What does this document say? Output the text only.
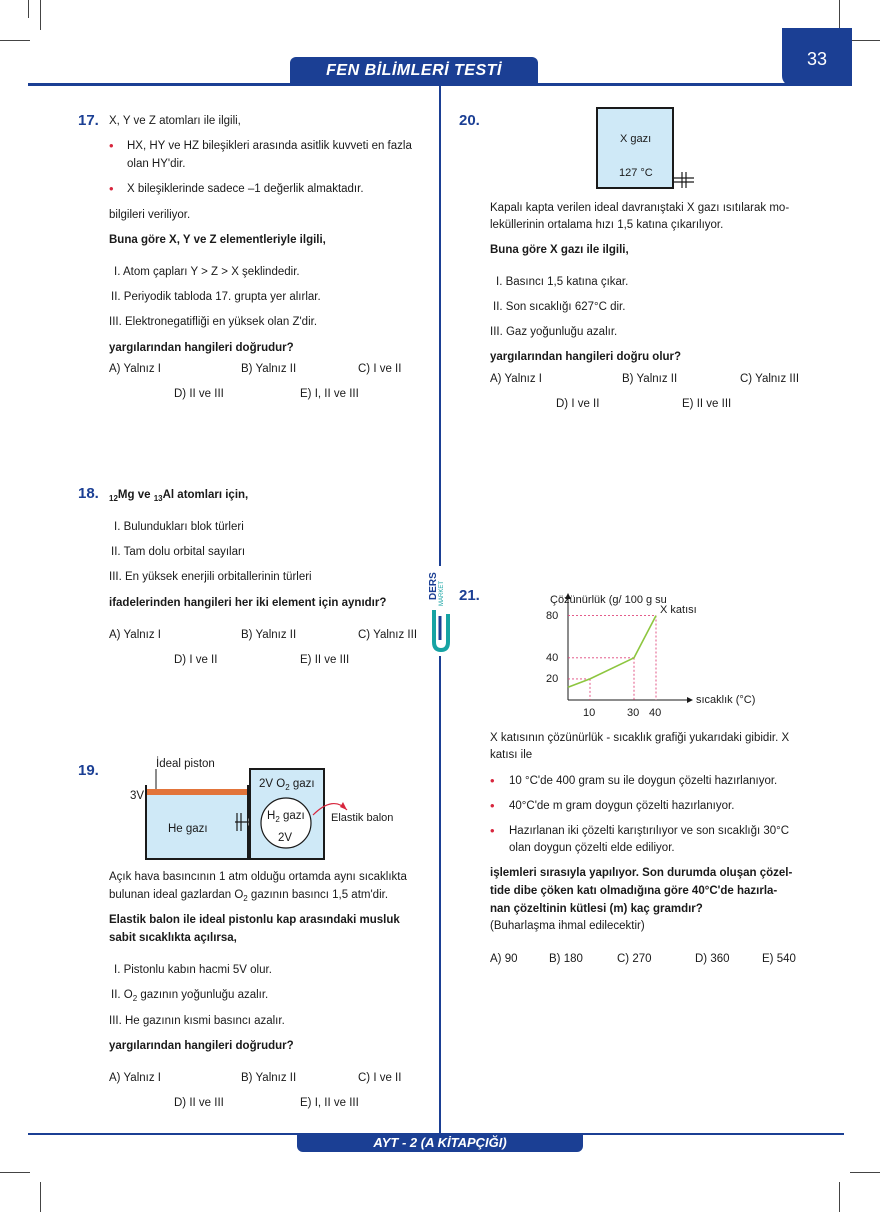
FEN BİLİMLERİ TESTİ
33
17. X, Y ve Z atomları ile ilgili,
• HX, HY ve HZ bileşikleri arasında asitlik kuvveti en fazla
olan HY'dir.
• X bileşiklerinde sadece –1 değerlik almaktadır.
bilgileri veriliyor.
Buna göre X, Y ve Z elementleriyle ilgili,
I. Atom çapları Y > Z > X şeklindedir.
II. Periyodik tabloda 17. grupta yer alırlar.
III. Elektronegatifliği en yüksek olan Z'dir.
yargılarından hangileri doğrudur?
A) Yalnız I	B) Yalnız II	C) I ve II
D) II ve III	E) I, II ve III
18. $_{12}$Mg ve $_{13}$Al atomları için,
I. Bulundukları blok türleri
II. Tam dolu orbital sayıları
III. En yüksek enerjili orbitallerinin türleri
ifadelerinden hangileri her iki element için aynıdır?
A) Yalnız I	B) Yalnız II	C) Yalnız III
D) I ve II	E) II ve III
DERS MARKET
19.	İdeal piston
3V
He gazı
2V $O_2$ gazı
$H_2$ gazı
2V
Elastik balon
Açık hava basıncının 1 atm olduğu ortamda aynı sıcaklıkta
bulunan ideal gazlardan $O_2$ gazının basıncı 1,5 atm'dir.
Elastik balon ile ideal pistonlu kap arasındaki musluk
sabit sıcaklıkta açılırsa,
I. Pistonlu kabın hacmi 5V olur.
II. $O_2$ gazının yoğunluğu azalır.
III. He gazının kısmi basıncı azalır.
yargılarından hangileri doğrudur?
A) Yalnız I	B) Yalnız II	C) I ve II
D) II ve III	E) I, II ve III
20.
X gazı
127 °C
Kapalı kapta verilen ideal davranıştaki X gazı ısıtılarak mo-
leküllerinin ortalama hızı 1,5 katına çıkarılıyor.
Buna göre X gazı ile ilgili,
I. Basıncı 1,5 katına çıkar.
II. Son sıcaklığı 627°C dir.
III. Gaz yoğunluğu azalır.
yargılarından hangileri doğru olur?
A) Yalnız I	B) Yalnız II	C) Yalnız III
D) I ve II	E) II ve III
21.	Çözünürlük (g/ 100 g su
X katısı
sıcaklık (°C)
20
40
80
10	30 40
X katısının çözünürlük - sıcaklık grafiği yukarıdaki gibidir. X
katısı ile
• 10 °C'de 400 gram su ile doygun çözelti hazırlanıyor.
• 40°C'de m gram doygun çözelti hazırlanıyor.
• Hazırlanan iki çözelti karıştırılıyor ve son sıcaklığı 30°C
olan doygun çözelti elde ediliyor.
işlemleri sırasıyla yapılıyor. Son durumda oluşan çözel-
tide dibe çöken katı olmadığına göre 40°C'de hazırla-
nan çözeltinin kütlesi (m) kaç gramdır?
(Buharlaşma ihmal edilecektir)
A) 90	B) 180	C) 270	D) 360	E) 540
AYT - 2 (A KİTAPÇIĞI)
